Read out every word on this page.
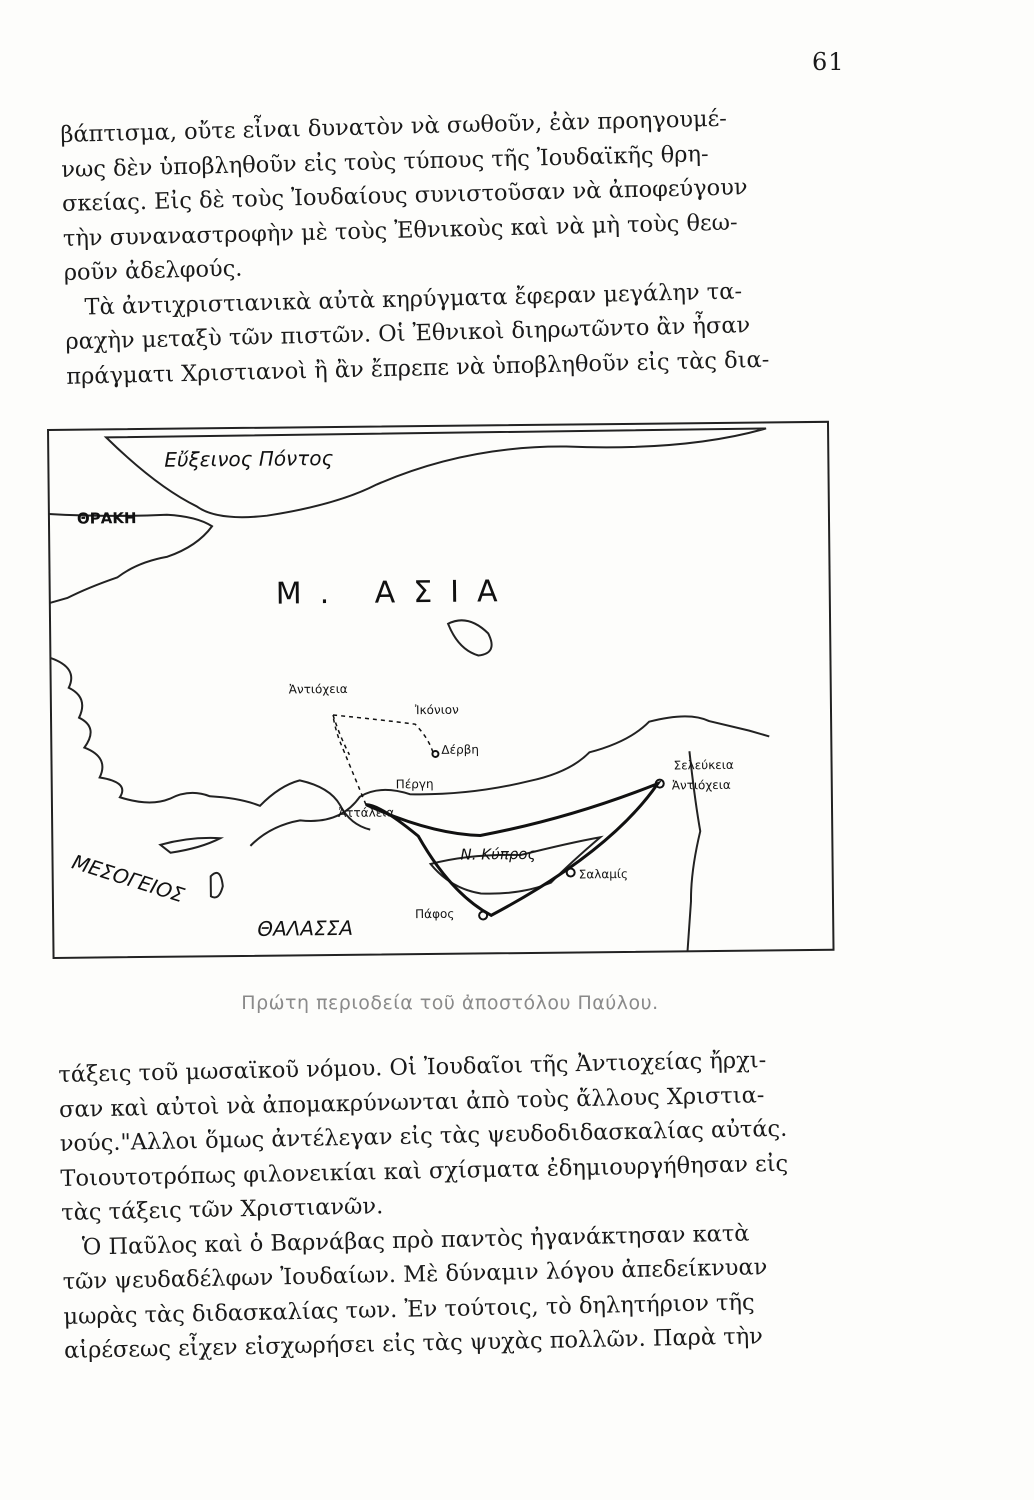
61
βάπτισμα, οὔτε εἶναι δυνατὸν νὰ σωθοῦν, ἐὰν προηγουμέ-
νως δὲν ὑποβληθοῦν εἰς τοὺς τύπους τῆς Ἰουδαϊκῆς θρη-
σκείας. Εἰς δὲ τοὺς Ἰουδαίους συνιστοῦσαν νὰ ἀποφεύγουν
τὴν συναναστροφὴν μὲ τοὺς Ἐθνικοὺς καὶ νὰ μὴ τοὺς θεω-
ροῦν ἀδελφούς.
Τὰ ἀντιχριστιανικὰ αὐτὰ κηρύγματα ἔφεραν μεγάλην τα-
ραχὴν μεταξὺ τῶν πιστῶν. Οἱ Ἐθνικοὶ διηρωτῶντο ἂν ἦσαν
πράγματι Χριστιανοὶ ἢ ἂν ἔπρεπε νὰ ὑποβληθοῦν εἰς τὰς δια-
Εὔξεινος Πόντος
ΘΡΑΚΗ
Μ. ΑΣΙΑ
Ἀντιόχεια
Ἰκόνιον
Δέρβη
Πέργη
Ἀττάλεια
Σελεύκεια
Ἀντιόχεια
Ν. Κύπρος
Σαλαμίς
Πάφος
ΜΕΣΟΓΕΙΟΣ
ΘΑΛΑΣΣΑ
Πρώτη περιοδεία τοῦ ἀποστόλου Παύλου.
τάξεις τοῦ μωσαϊκοῦ νόμου. Οἱ Ἰουδαῖοι τῆς Ἀντιοχείας ἤρχι-
σαν καὶ αὐτοὶ νὰ ἀπομακρύνωνται ἀπὸ τοὺς ἄλλους Χριστια-
νούς."Αλλοι ὅμως ἀντέλεγαν εἰς τὰς ψευδοδιδασκαλίας αὐτάς.
Τοιουτοτρόπως φιλονεικίαι καὶ σχίσματα ἐδημιουργήθησαν εἰς
τὰς τάξεις τῶν Χριστιανῶν.
Ὁ Παῦλος καὶ ὁ Βαρνάβας πρὸ παντὸς ἠγανάκτησαν κατὰ
τῶν ψευδαδέλφων Ἰουδαίων. Μὲ δύναμιν λόγου ἀπεδείκνυαν
μωρὰς τὰς διδασκαλίας των. Ἐν τούτοις, τὸ δηλητήριον τῆς
αἱρέσεως εἶχεν εἰσχωρήσει εἰς τὰς ψυχὰς πολλῶν. Παρὰ τὴν
